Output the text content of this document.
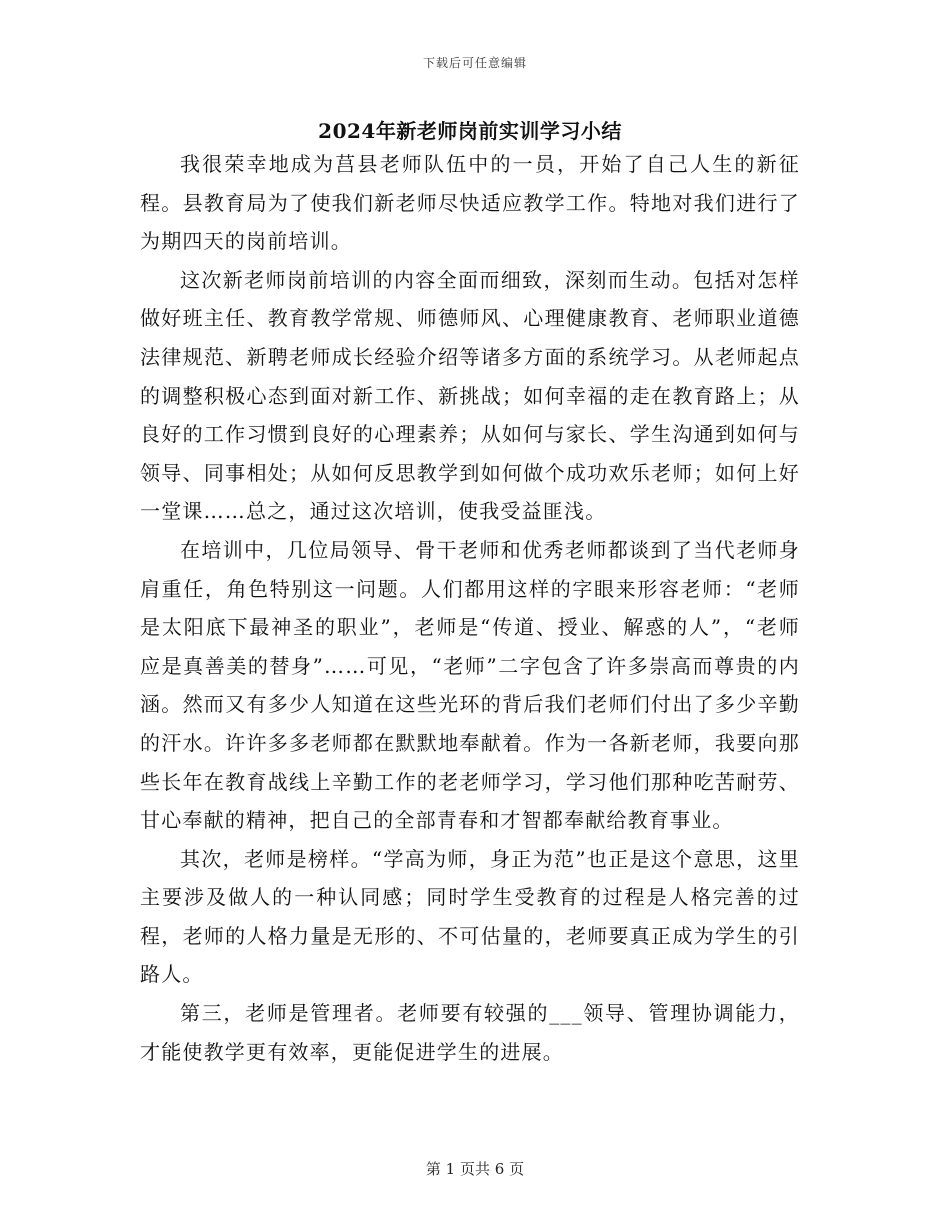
下载后可任意编辑
2024年新老师岗前实训学习小结

我很荣幸地成为莒县老师队伍中的一员，开始了自己人生的新征程。县教育局为了使我们新老师尽快适应教学工作。特地对我们进行了为期四天的岗前培训。

这次新老师岗前培训的内容全面而细致，深刻而生动。包括对怎样做好班主任、教育教学常规、师德师风、心理健康教育、老师职业道德法律规范、新聘老师成长经验介绍等诸多方面的系统学习。从老师起点的调整积极心态到面对新工作、新挑战；如何幸福的走在教育路上；从良好的工作习惯到良好的心理素养；从如何与家长、学生沟通到如何与领导、同事相处；从如何反思教学到如何做个成功欢乐老师；如何上好一堂课……总之，通过这次培训，使我受益匪浅。

在培训中，几位局领导、骨干老师和优秀老师都谈到了当代老师身肩重任，角色特别这一问题。人们都用这样的字眼来形容老师：“老师是太阳底下最神圣的职业”，老师是“传道、授业、解惑的人”，“老师应是真善美的替身”……可见，“老师”二字包含了许多崇高而尊贵的内涵。然而又有多少人知道在这些光环的背后我们老师们付出了多少辛勤的汗水。许许多多老师都在默默地奉献着。作为一各新老师，我要向那些长年在教育战线上辛勤工作的老老师学习，学习他们那种吃苦耐劳、甘心奉献的精神，把自己的全部青春和才智都奉献给教育事业。

其次，老师是榜样。“学高为师，身正为范”也正是这个意思，这里主要涉及做人的一种认同感；同时学生受教育的过程是人格完善的过程，老师的人格力量是无形的、不可估量的，老师要真正成为学生的引路人。

第三，老师是管理者。老师要有较强的___领导、管理协调能力，才能使教学更有效率，更能促进学生的进展。

第 1 页共 6 页
